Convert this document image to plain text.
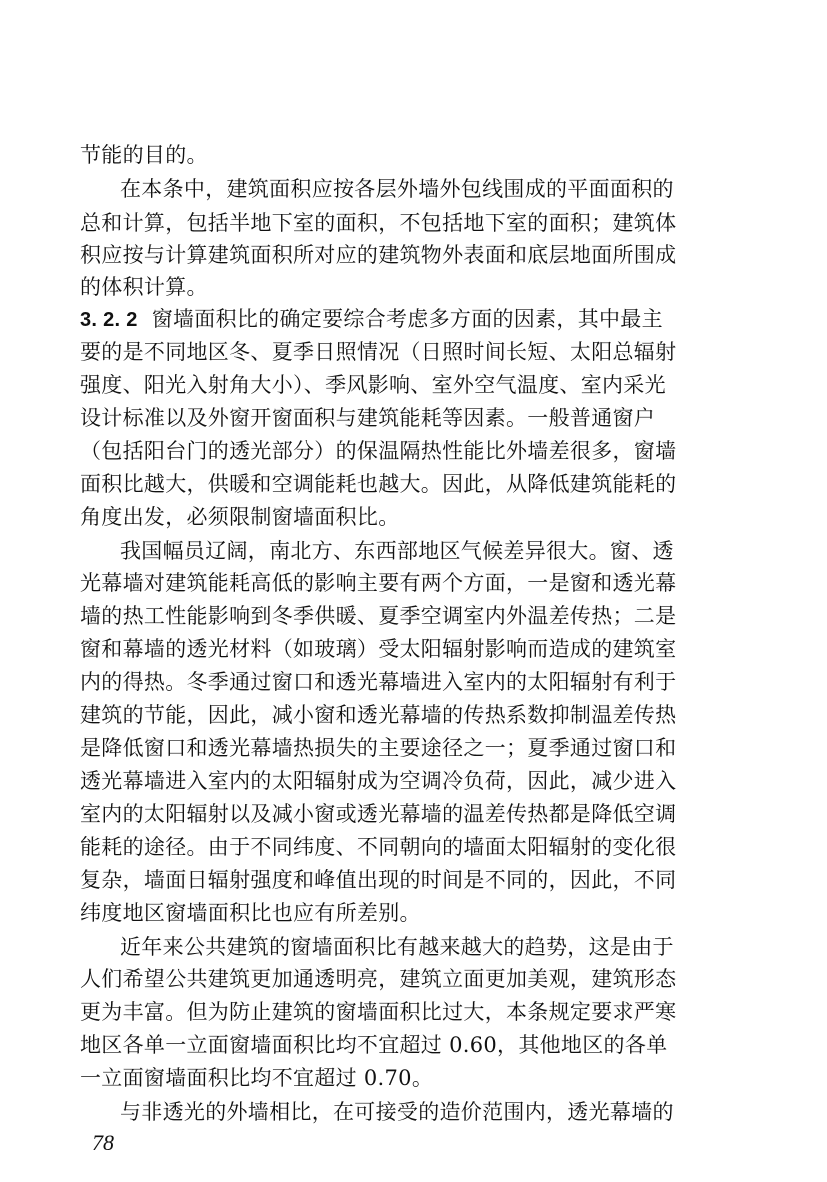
节能的目的。
在本条中，建筑面积应按各层外墙外包线围成的平面面积的
总和计算，包括半地下室的面积，不包括地下室的面积；建筑体
积应按与计算建筑面积所对应的建筑物外表面和底层地面所围成
的体积计算。
3. 2. 2 窗墙面积比的确定要综合考虑多方面的因素，其中最主
要的是不同地区冬、夏季日照情况（日照时间长短、太阳总辐射
强度、阳光入射角大小）、季风影响、室外空气温度、室内采光
设计标准以及外窗开窗面积与建筑能耗等因素。一般普通窗户
（包括阳台门的透光部分）的保温隔热性能比外墙差很多，窗墙
面积比越大，供暖和空调能耗也越大。因此，从降低建筑能耗的
角度出发，必须限制窗墙面积比。
我国幅员辽阔，南北方、东西部地区气候差异很大。窗、透
光幕墙对建筑能耗高低的影响主要有两个方面，一是窗和透光幕
墙的热工性能影响到冬季供暖、夏季空调室内外温差传热；二是
窗和幕墙的透光材料（如玻璃）受太阳辐射影响而造成的建筑室
内的得热。冬季通过窗口和透光幕墙进入室内的太阳辐射有利于
建筑的节能，因此，减小窗和透光幕墙的传热系数抑制温差传热
是降低窗口和透光幕墙热损失的主要途径之一；夏季通过窗口和
透光幕墙进入室内的太阳辐射成为空调冷负荷，因此，减少进入
室内的太阳辐射以及减小窗或透光幕墙的温差传热都是降低空调
能耗的途径。由于不同纬度、不同朝向的墙面太阳辐射的变化很
复杂，墙面日辐射强度和峰值出现的时间是不同的，因此，不同
纬度地区窗墙面积比也应有所差别。
近年来公共建筑的窗墙面积比有越来越大的趋势，这是由于
人们希望公共建筑更加通透明亮，建筑立面更加美观，建筑形态
更为丰富。但为防止建筑的窗墙面积比过大，本条规定要求严寒
地区各单一立面窗墙面积比均不宜超过 0.60，其他地区的各单
一立面窗墙面积比均不宜超过 0.70。
与非透光的外墙相比，在可接受的造价范围内，透光幕墙的
78
